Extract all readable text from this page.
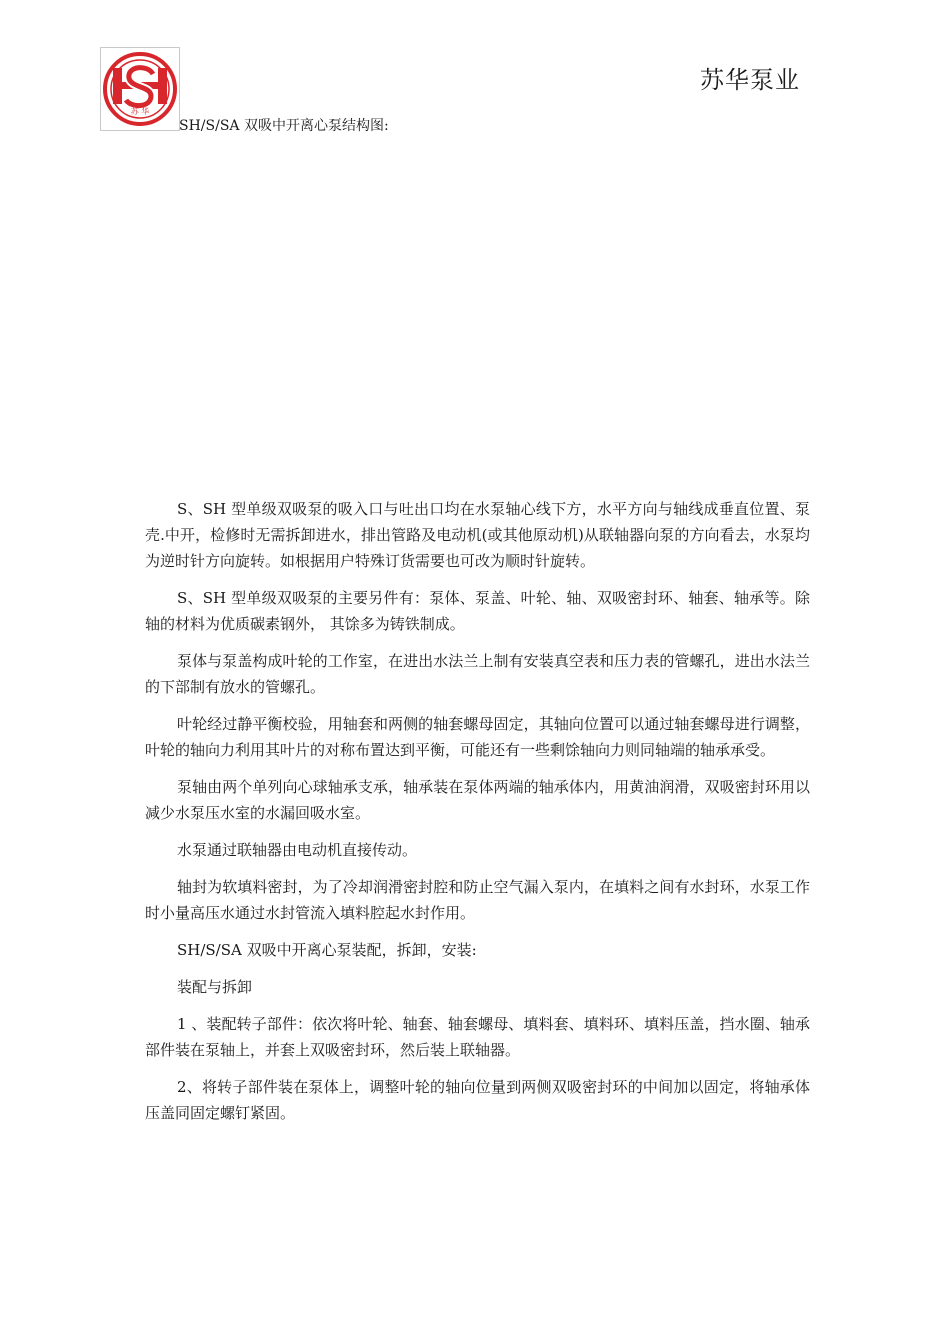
苏 华
苏华泵业
SH/S/SA 双吸中开离心泵结构图:

S、SH 型单级双吸泵的吸入口与吐出口均在水泵轴心线下方，水平方向与轴线成垂直位置、泵壳.中开，检修时无需拆卸进水，排出管路及电动机(或其他原动机)从联轴器向泵的方向看去，水泵均为逆时针方向旋转。如根据用户特殊订货需要也可改为顺时针旋转。

S、SH 型单级双吸泵的主要另件有：泵体、泵盖、叶轮、轴、双吸密封环、轴套、轴承等。除轴的材料为优质碳素钢外， 其馀多为铸铁制成。

泵体与泵盖构成叶轮的工作室，在进出水法兰上制有安装真空表和压力表的管螺孔，进出水法兰的下部制有放水的管螺孔。

叶轮经过静平衡校验，用轴套和两侧的轴套螺母固定，其轴向位置可以通过轴套螺母进行调整，叶轮的轴向力利用其叶片的对称布置达到平衡，可能还有一些剩馀轴向力则同轴端的轴承承受。

泵轴由两个单列向心球轴承支承，轴承装在泵体两端的轴承体内，用黄油润滑，双吸密封环用以减少水泵压水室的水漏回吸水室。

水泵通过联轴器由电动机直接传动。

轴封为软填料密封，为了冷却润滑密封腔和防止空气漏入泵内，在填料之间有水封环，水泵工作时小量高压水通过水封管流入填料腔起水封作用。

SH/S/SA 双吸中开离心泵装配，拆卸，安装:

装配与拆卸

1 、装配转子部件：依次将叶轮、轴套、轴套螺母、填料套、填料环、填料压盖，挡水圈、轴承部件装在泵轴上，并套上双吸密封环，然后装上联轴器。

2、将转子部件装在泵体上，调整叶轮的轴向位量到两侧双吸密封环的中间加以固定，将轴承体压盖同固定螺钉紧固。
